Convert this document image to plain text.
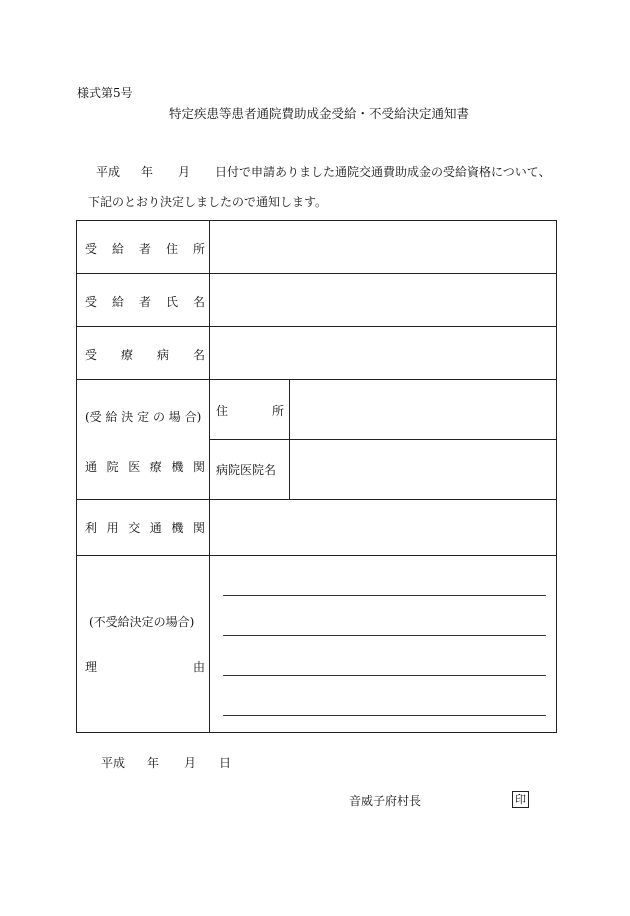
様式第5号
特定疾患等患者通院費助成金受給・不受給決定通知書
平成 年 月 日付で申請ありました通院交通費助成金の受給資格について、
下記のとおり決定しましたので通知します。
受 給 者 住 所
受 給 者 氏 名
受 療 病 名
(受 給 決 定 の 場 合)
通 院 医 療 機 関
住	所
病院医院名
利 用 交 通 機 関
(不受給決定の場合)
理	由
平成 年 月 日
音威子府村長	印
